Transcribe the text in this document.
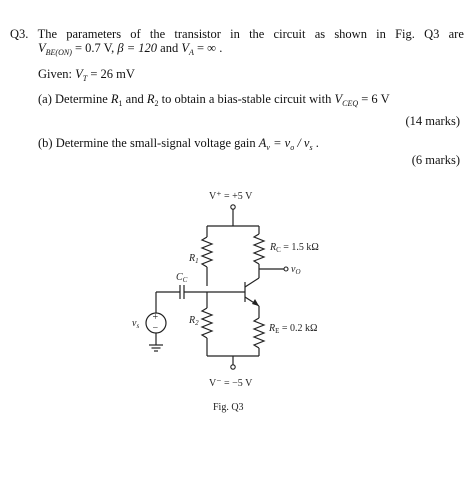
Q3. The parameters of the transistor in the circuit as shown in Fig. Q3 are
$V_{BE(ON)} = 0.7$ V, β = 120 and $V_A$ = ∞ .
Given: $V_T = 26$ mV
(a) Determine $R_1$ and $R_2$ to obtain a bias-stable circuit with $V_{CEQ} = 6$ V
(14 marks)
(b) Determine the small-signal voltage gain $A_v = v_o / v_s$ .
(6 marks)
V⁺ = +5 V
$R_1$
$R_C = 1.5$ kΩ
$v_O$
$R_E = 0.2$ kΩ
$R_2$
V⁻ = −5 V
$C_C$
+
−
$v_s$
Fig. Q3
